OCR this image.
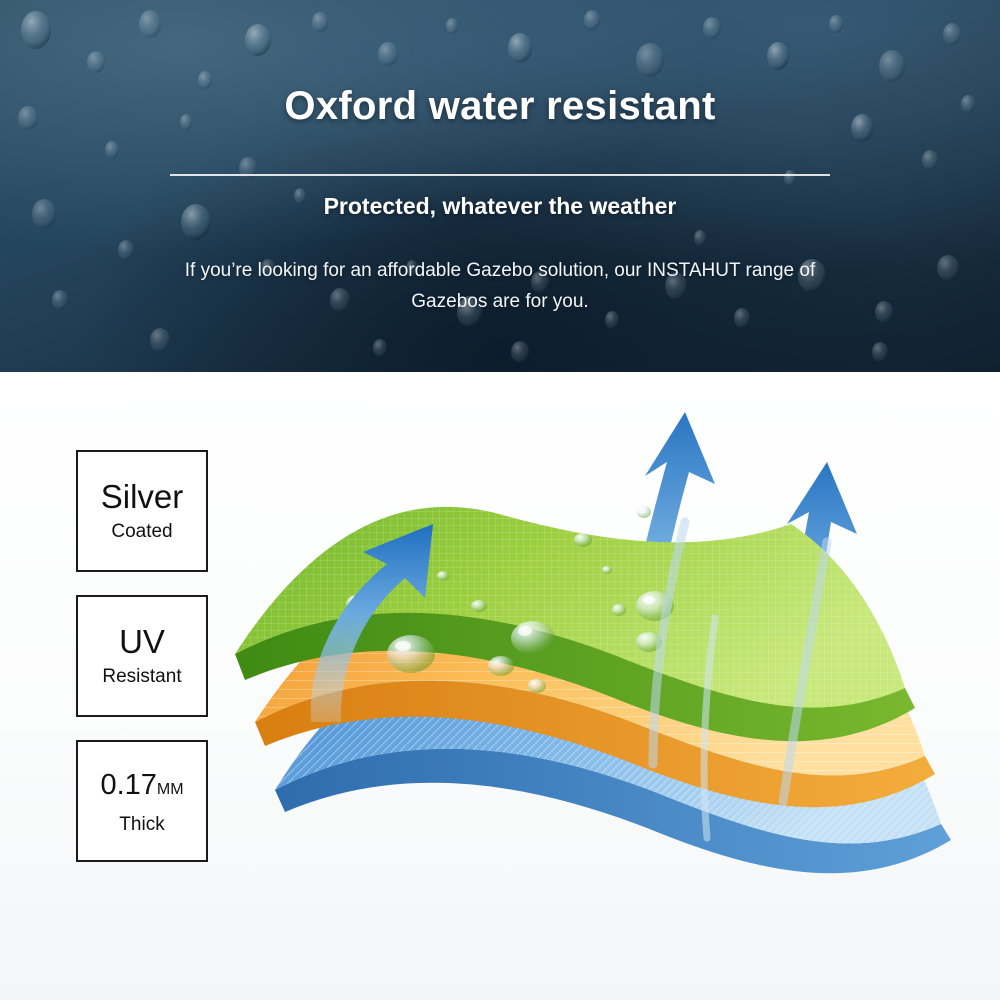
Oxford water resistant
Protected, whatever the weather

If you’re looking for an affordable Gazebo solution, our INSTAHUT range of Gazebos are for you.

Silver
Coated
UV
Resistant
0.17MM
Thick
